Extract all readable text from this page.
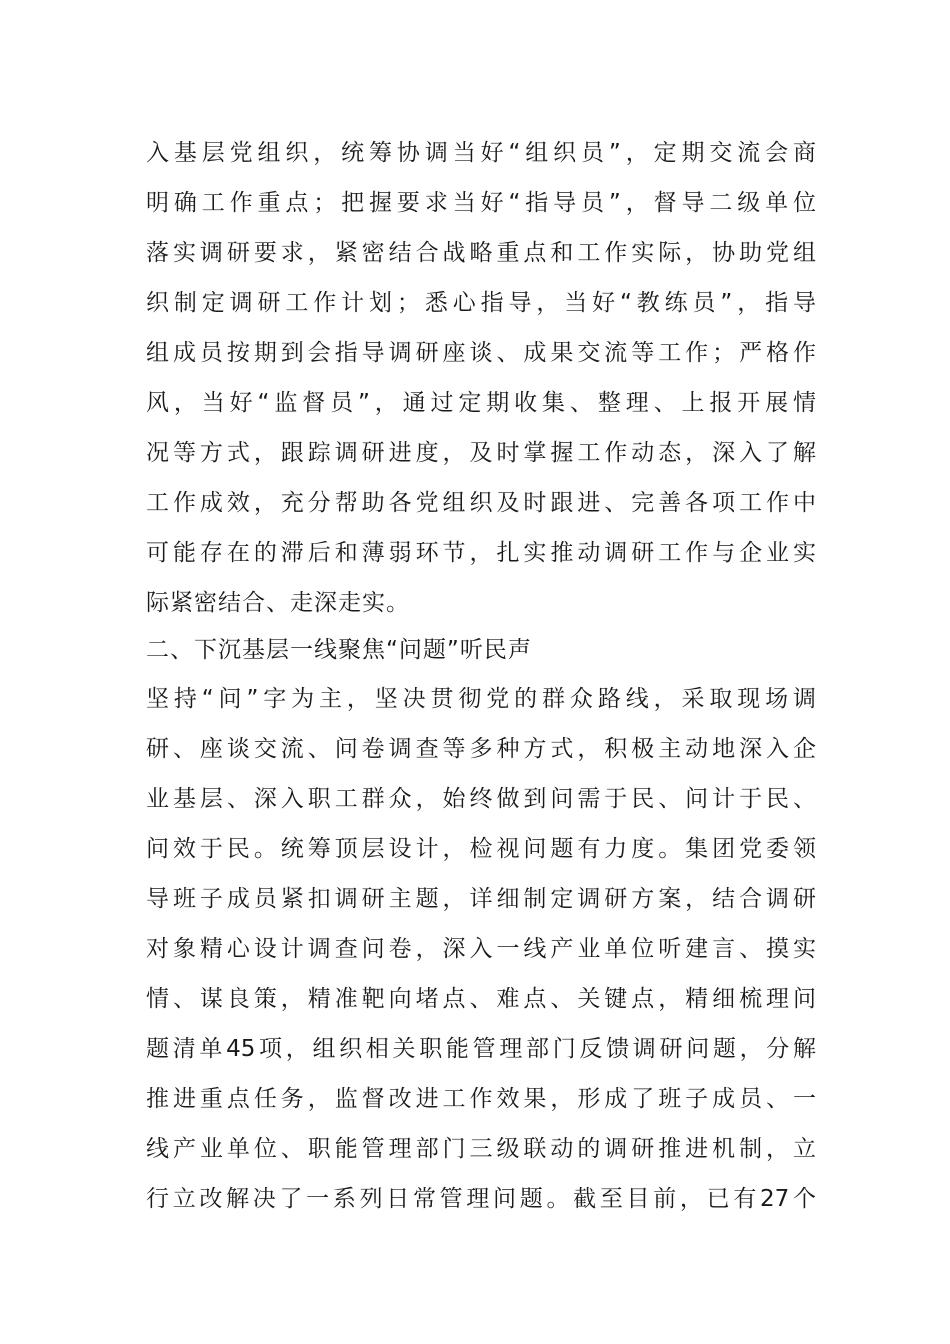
入基层党组织，统筹协调当好“组织员”，定期交流会商
明确工作重点；把握要求当好“指导员”，督导二级单位
落实调研要求，紧密结合战略重点和工作实际，协助党组
织制定调研工作计划；悉心指导，当好“教练员”，指导
组成员按期到会指导调研座谈、成果交流等工作；严格作
风，当好“监督员”，通过定期收集、整理、上报开展情
况等方式，跟踪调研进度，及时掌握工作动态，深入了解
工作成效，充分帮助各党组织及时跟进、完善各项工作中
可能存在的滞后和薄弱环节，扎实推动调研工作与企业实
际紧密结合、走深走实。
二、下沉基层一线聚焦“问题”听民声
坚持“问”字为主，坚决贯彻党的群众路线，采取现场调
研、座谈交流、问卷调查等多种方式，积极主动地深入企
业基层、深入职工群众，始终做到问需于民、问计于民、
问效于民。统筹顶层设计，检视问题有力度。集团党委领
导班子成员紧扣调研主题，详细制定调研方案，结合调研
对象精心设计调查问卷，深入一线产业单位听建言、摸实
情、谋良策，精准靶向堵点、难点、关键点，精细梳理问
题清单45项，组织相关职能管理部门反馈调研问题，分解
推进重点任务，监督改进工作效果，形成了班子成员、一
线产业单位、职能管理部门三级联动的调研推进机制，立
行立改解决了一系列日常管理问题。截至目前，已有27个
